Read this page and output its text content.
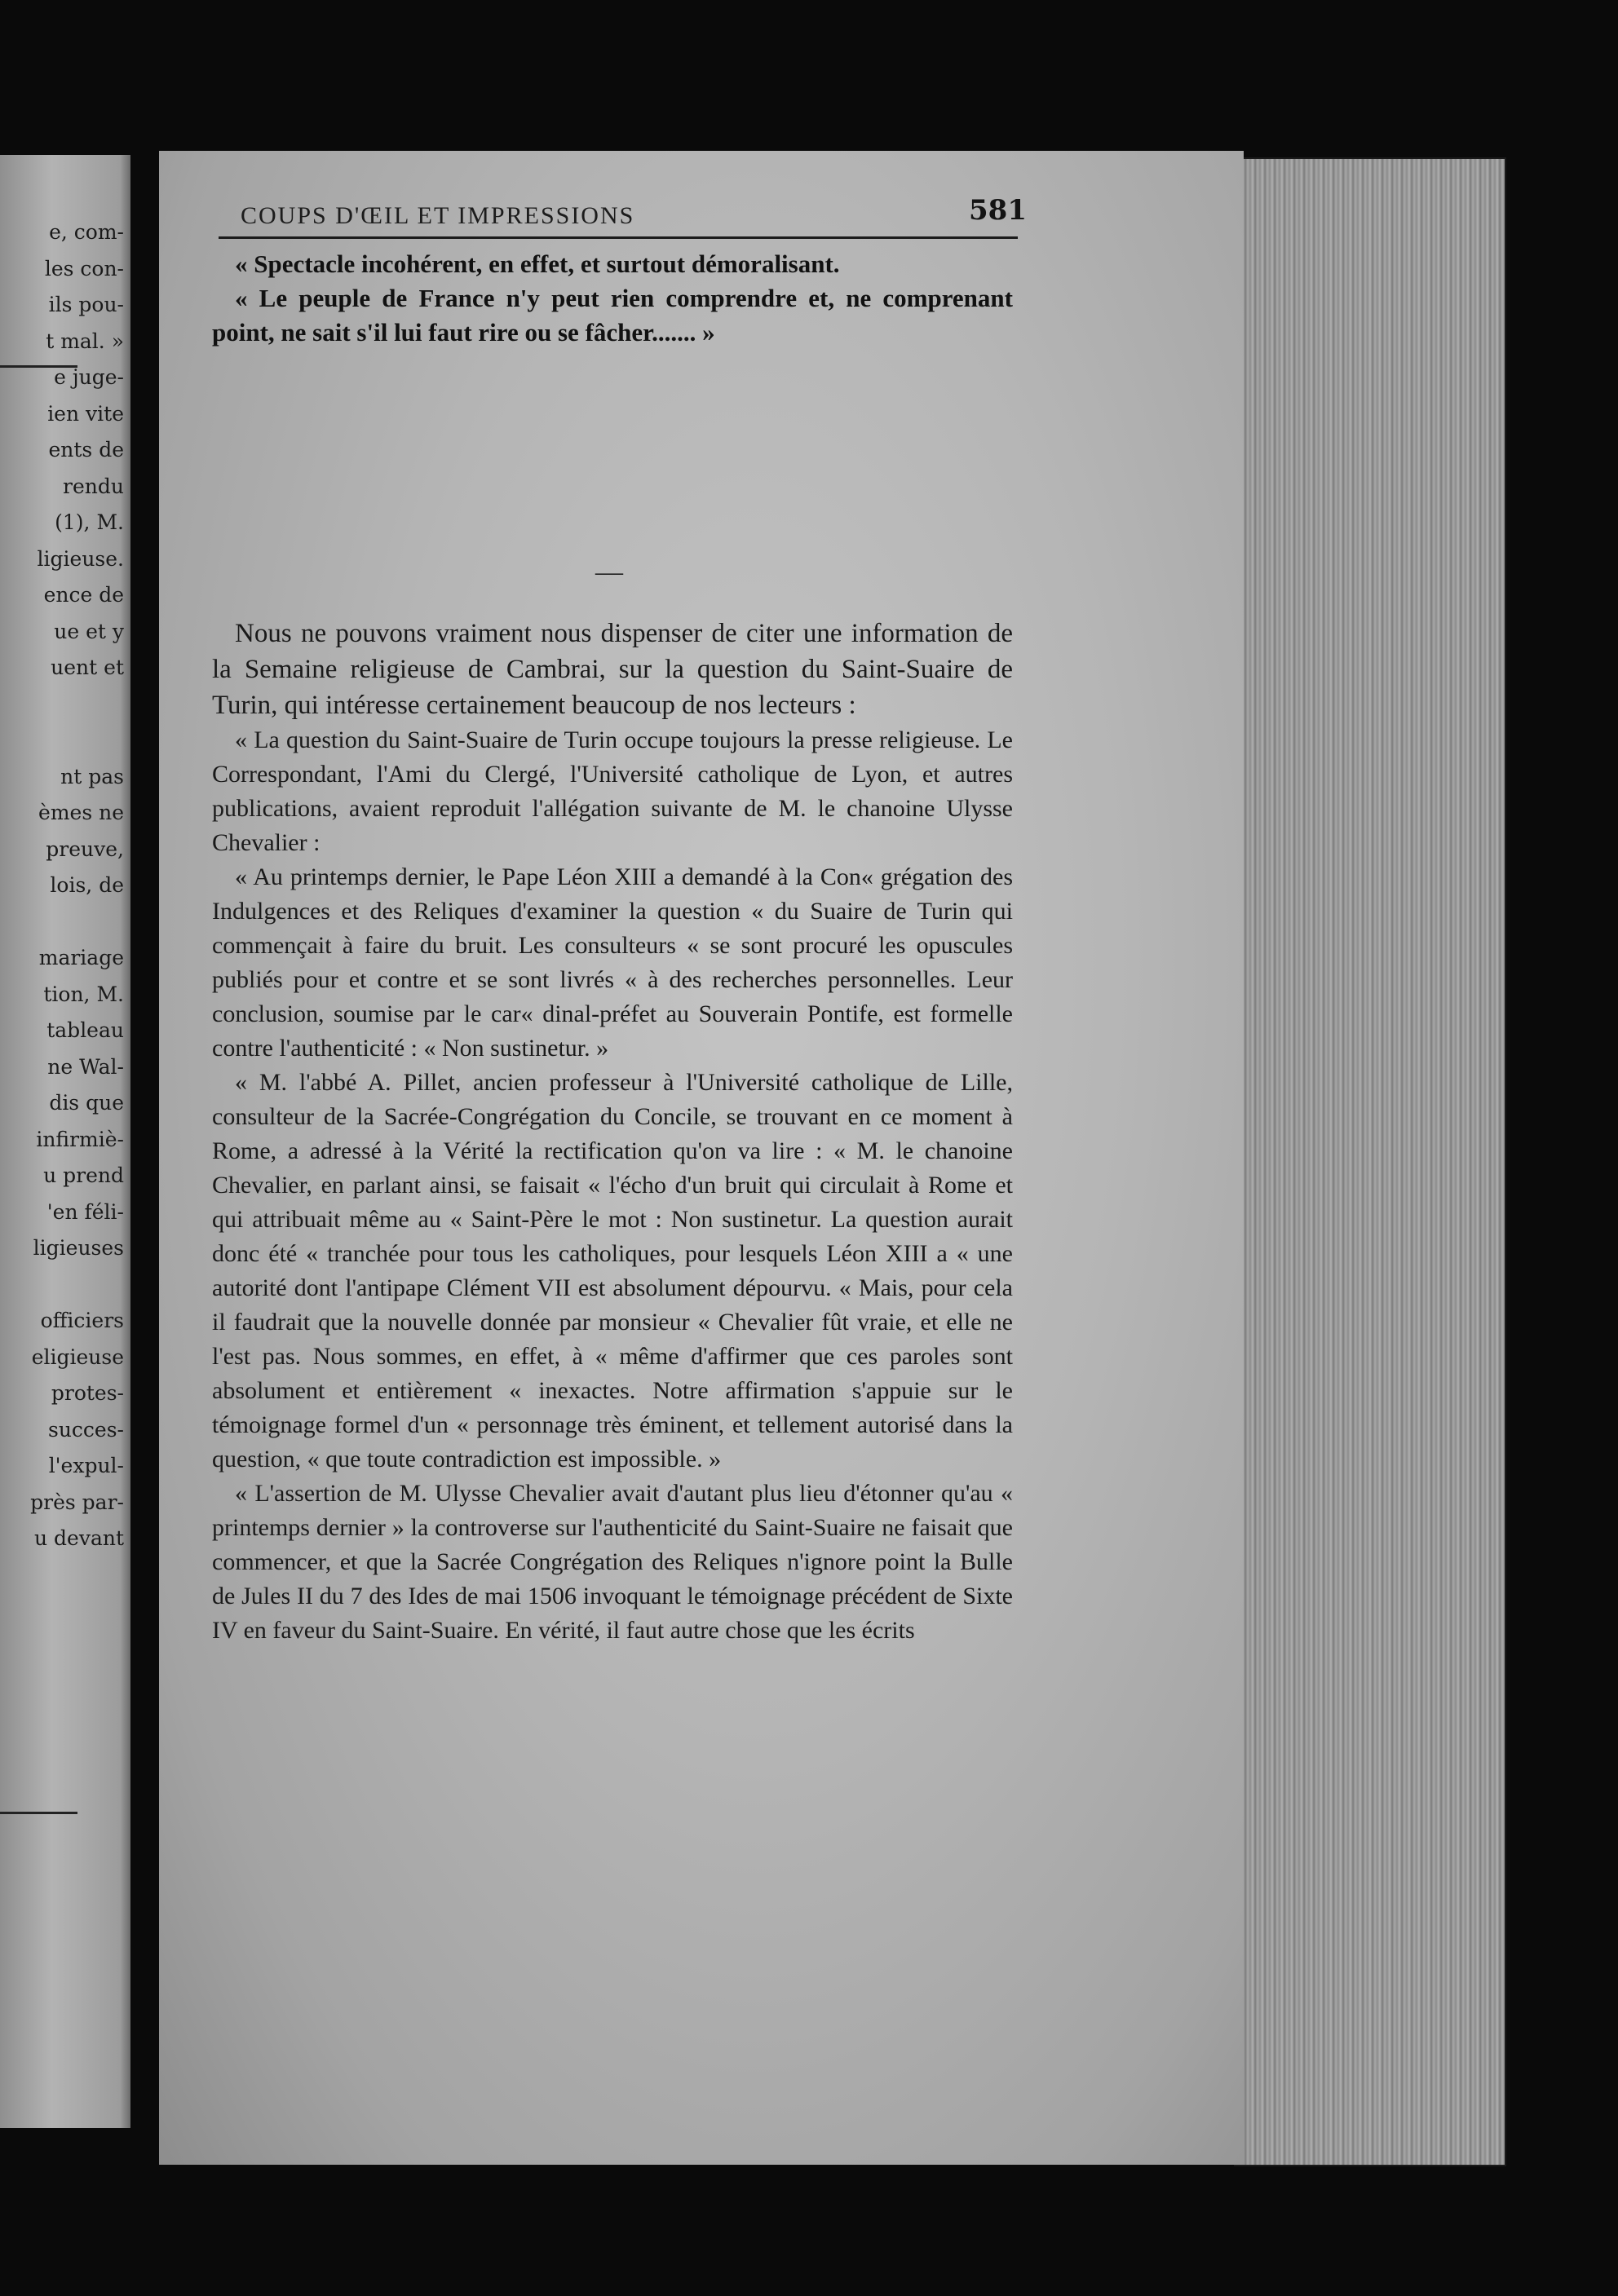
e, com-
les con-
ils pou-
t mal. »
e juge-
ien vite
ents de
rendu
(1), M.
ligieuse.
ence de
ue et y
uent et
nt pas
èmes ne
preuve,
lois, de
mariage
tion, M.
tableau
ne Wal-
dis que
infirmiè-
u prend
'en féli-
ligieuses
officiers
eligieuse
protes-
succes-
l'expul-
près par-
u devant
COUPS D'ŒIL ET IMPRESSIONS	581

« Spectacle incohérent, en effet, et surtout démoralisant.

« Le peuple de France n'y peut rien comprendre et, ne comprenant point, ne sait s'il lui faut rire ou se fâcher....... »

—

Nous ne pouvons vraiment nous dispenser de citer une information de la Semaine religieuse de Cambrai, sur la question du Saint-Suaire de Turin, qui intéresse certainement beaucoup de nos lecteurs :

« La question du Saint-Suaire de Turin occupe toujours la presse religieuse. Le Correspondant, l'Ami du Clergé, l'Université catholique de Lyon, et autres publications, avaient reproduit l'allégation suivante de M. le chanoine Ulysse Chevalier :

« Au printemps dernier, le Pape Léon XIII a demandé à la Con« grégation des Indulgences et des Reliques d'examiner la question « du Suaire de Turin qui commençait à faire du bruit. Les consulteurs « se sont procuré les opuscules publiés pour et contre et se sont livrés « à des recherches personnelles. Leur conclusion, soumise par le car« dinal-préfet au Souverain Pontife, est formelle contre l'authenticité : « Non sustinetur. »

« M. l'abbé A. Pillet, ancien professeur à l'Université catholique de Lille, consulteur de la Sacrée-Congrégation du Concile, se trouvant en ce moment à Rome, a adressé à la Vérité la rectification qu'on va lire : « M. le chanoine Chevalier, en parlant ainsi, se faisait « l'écho d'un bruit qui circulait à Rome et qui attribuait même au « Saint-Père le mot : Non sustinetur. La question aurait donc été « tranchée pour tous les catholiques, pour lesquels Léon XIII a « une autorité dont l'antipape Clément VII est absolument dépourvu. « Mais, pour cela il faudrait que la nouvelle donnée par monsieur « Chevalier fût vraie, et elle ne l'est pas. Nous sommes, en effet, à « même d'affirmer que ces paroles sont absolument et entièrement « inexactes. Notre affirmation s'appuie sur le témoignage formel d'un « personnage très éminent, et tellement autorisé dans la question, « que toute contradiction est impossible. »

« L'assertion de M. Ulysse Chevalier avait d'autant plus lieu d'étonner qu'au « printemps dernier » la controverse sur l'authenticité du Saint-Suaire ne faisait que commencer, et que la Sacrée Congrégation des Reliques n'ignore point la Bulle de Jules II du 7 des Ides de mai 1506 invoquant le témoignage précédent de Sixte IV en faveur du Saint-Suaire. En vérité, il faut autre chose que les écrits
